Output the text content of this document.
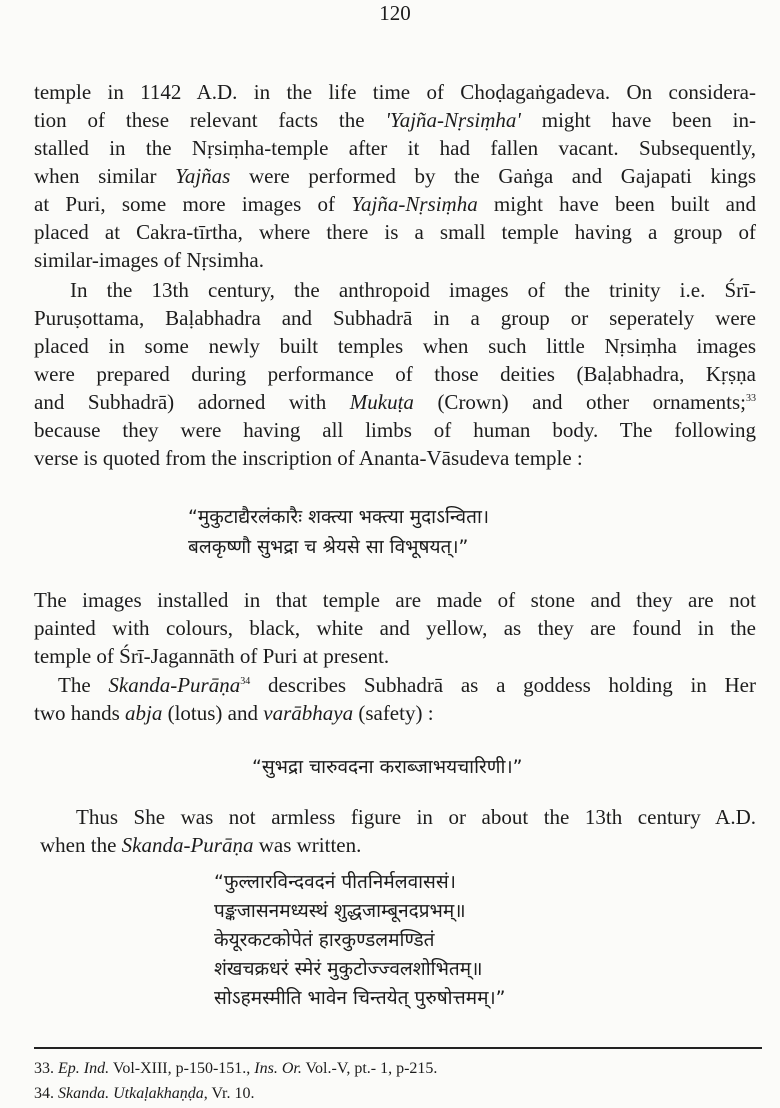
120
temple in 1142 A.D. in the life time of Choḍagaṅgadeva. On considera-
tion of these relevant facts the 'Yajña-Nṛsiṃha' might have been in-
stalled in the Nṛsiṃha-temple after it had fallen vacant. Subsequently,
when similar Yajñas were performed by the Gaṅga and Gajapati kings
at Puri, some more images of Yajña-Nṛsiṃha might have been built and
placed at Cakra-tīrtha, where there is a small temple having a group of
similar-images of Nṛsimha.
In the 13th century, the anthropoid images of the trinity i.e. Śrī-
Puruṣottama, Baḷabhadra and Subhadrā in a group or seperately were
placed in some newly built temples when such little Nṛsiṃha images
were prepared during performance of those deities (Baḷabhadra, Kṛṣṇa
and Subhadrā) adorned with Mukuṭa (Crown) and other ornaments;$^{33}$
because they were having all limbs of human body. The following
verse is quoted from the inscription of Ananta-Vāsudeva temple :
“मुकुटाद्यैरलंकारैः शक्त्या भक्त्या मुदाऽन्विता।
बलकृष्णौ सुभद्रा च श्रेयसे सा विभूषयत्।”
The images installed in that temple are made of stone and they are not
painted with colours, black, white and yellow, as they are found in the
temple of Śrī-Jagannāth of Puri at present.
The Skanda-Purāṇa$^{34}$ describes Subhadrā as a goddess holding in Her
two hands abja (lotus) and varābhaya (safety) :
“सुभद्रा चारुवदना कराब्जाभयचारिणी।”
Thus She was not armless figure in or about the 13th century A.D.
when the Skanda-Purāṇa was written.
“फुल्लारविन्दवदनं पीतनिर्मलवाससं।
पङ्कजासनमध्यस्थं शुद्धजाम्बूनदप्रभम्॥
केयूरकटकोपेतं हारकुण्डलमण्डितं
शंखचक्रधरं स्मेरं मुकुटोज्ज्वलशोभितम्॥
सोऽहमस्मीति भावेन चिन्तयेत् पुरुषोत्तमम्।”
33. Ep. Ind. Vol-XIII, p-150-151., Ins. Or. Vol.-V, pt.- 1, p-215.
34. Skanda. Utkaḷakhaṇḍa, Vr. 10.
